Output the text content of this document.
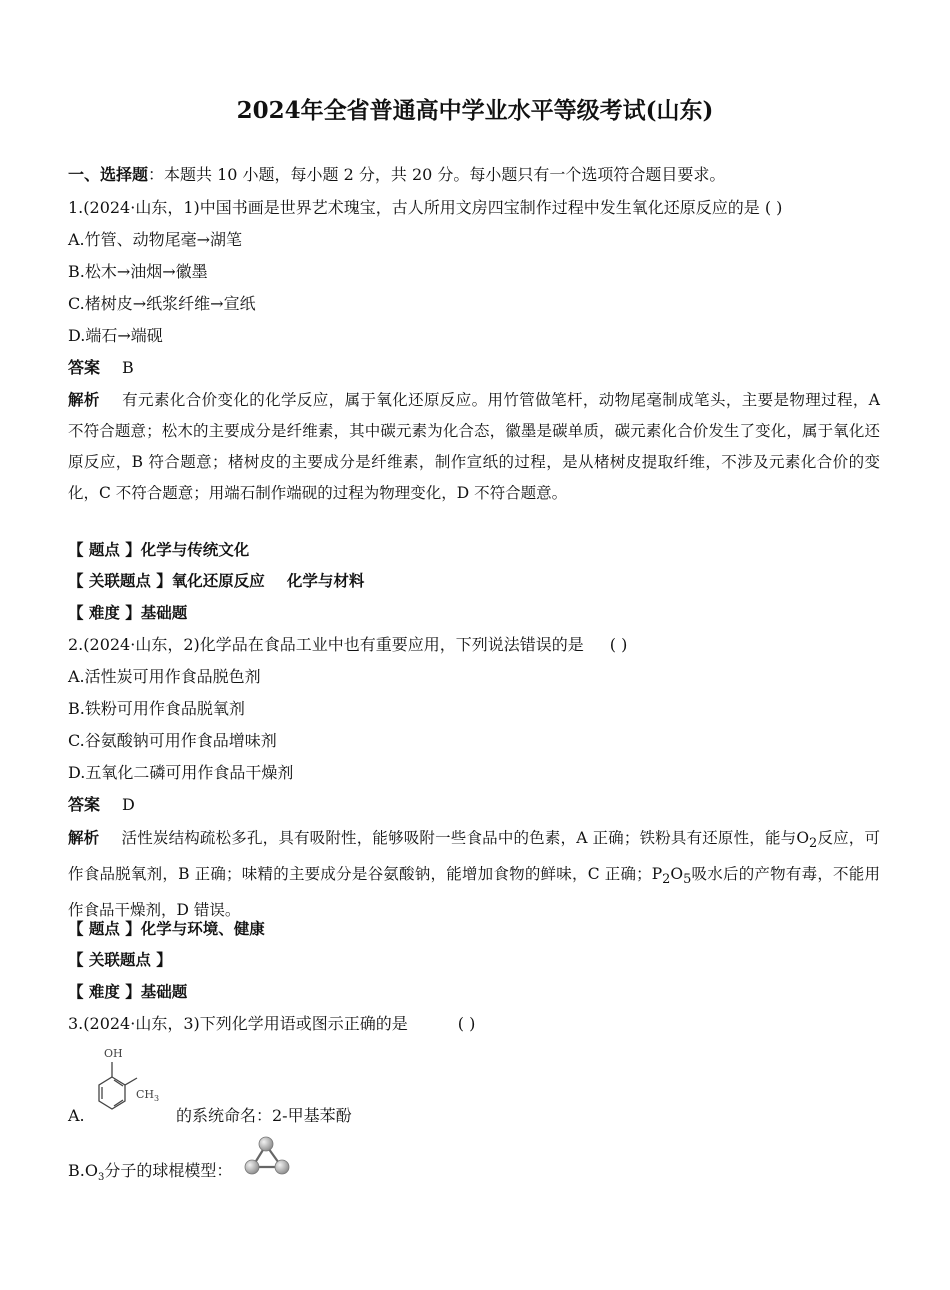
2024年全省普通高中学业水平等级考试(山东)
一、选择题：本题共 10 小题，每小题 2 分，共 20 分。每小题只有一个选项符合题目要求。
1.(2024·山东，1)中国书画是世界艺术瑰宝，古人所用文房四宝制作过程中发生氧化还原反应的是 ( )
A.竹管、动物尾毫→湖笔
B.松木→油烟→徽墨
C.楮树皮→纸浆纤维→宣纸
D.端石→端砚
答案 B
解析 有元素化合价变化的化学反应，属于氧化还原反应。用竹管做笔杆，动物尾毫制成笔头，主要是物理过程，A 不符合题意；松木的主要成分是纤维素，其中碳元素为化合态，徽墨是碳单质，碳元素化合价发生了变化，属于氧化还原反应，B 符合题意；楮树皮的主要成分是纤维素，制作宣纸的过程，是从楮树皮提取纤维，不涉及元素化合价的变化，C 不符合题意；用端石制作端砚的过程为物理变化，D 不符合题意。
【 题点 】化学与传统文化
【 关联题点 】氧化还原反应 化学与材料
【 难度 】基础题
2.(2024·山东，2)化学品在食品工业中也有重要应用，下列说法错误的是 ( )
A.活性炭可用作食品脱色剂
B.铁粉可用作食品脱氧剂
C.谷氨酸钠可用作食品增味剂
D.五氧化二磷可用作食品干燥剂
答案 D
解析 活性炭结构疏松多孔，具有吸附性，能够吸附一些食品中的色素，A 正确；铁粉具有还原性，能与$O_2$反应，可作食品脱氧剂，B 正确；味精的主要成分是谷氨酸钠，能增加食物的鲜味，C 正确；$P_2O_5$吸水后的产物有毒，不能用作食品干燥剂，D 错误。
【 题点 】化学与环境、健康
【 关联题点 】
【 难度 】基础题
3.(2024·山东，3)下列化学用语或图示正确的是	( )
A.
OH
$CH_3$
的系统命名：2-甲基苯酚
$B.O_3$分子的球棍模型：
